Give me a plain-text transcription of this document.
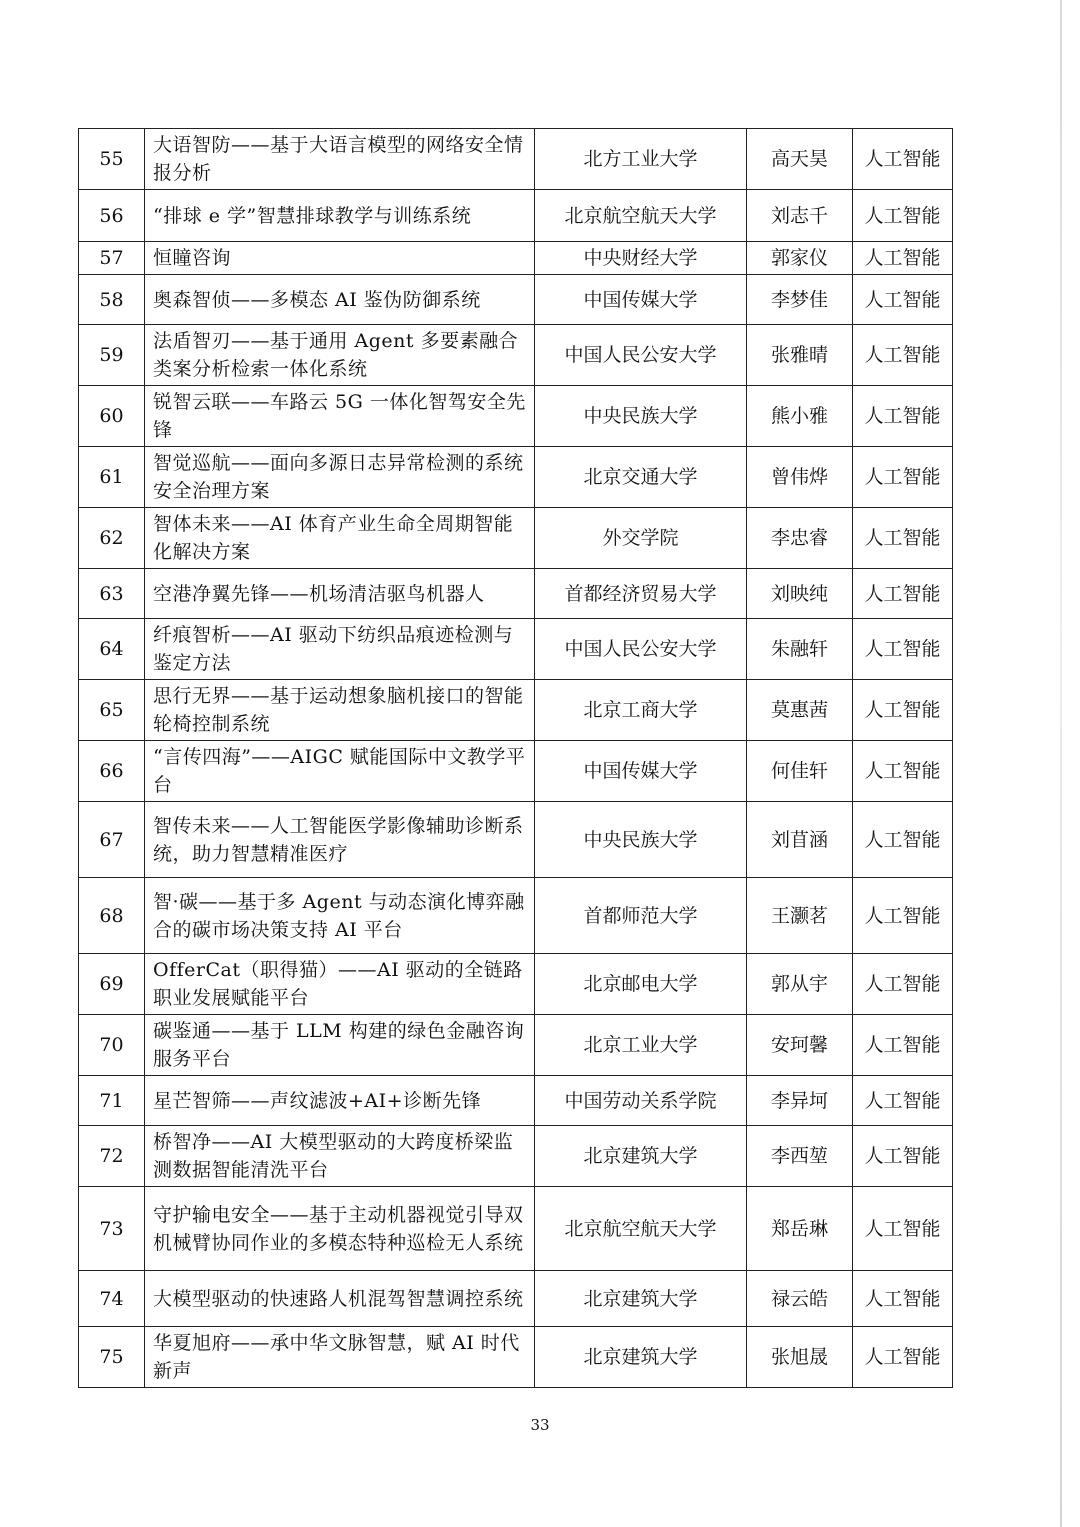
55	大语智防——基于大语言模型的网络安全情报分析	北方工业大学	高天昊	人工智能
56	“排球 e 学”智慧排球教学与训练系统	北京航空航天大学	刘志千	人工智能
57	恒瞳咨询	中央财经大学	郭家仪	人工智能
58	奥森智侦——多模态 AI 鉴伪防御系统	中国传媒大学	李梦佳	人工智能
59	法盾智刃——基于通用 Agent 多要素融合类案分析检索一体化系统	中国人民公安大学	张雅晴	人工智能
60	锐智云联——车路云 5G 一体化智驾安全先锋	中央民族大学	熊小雅	人工智能
61	智觉巡航——面向多源日志异常检测的系统安全治理方案	北京交通大学	曾伟烨	人工智能
62	智体未来——AI 体育产业生命全周期智能化解决方案	外交学院	李忠睿	人工智能
63	空港净翼先锋——机场清洁驱鸟机器人	首都经济贸易大学	刘映纯	人工智能
64	纤痕智析——AI 驱动下纺织品痕迹检测与鉴定方法	中国人民公安大学	朱融轩	人工智能
65	思行无界——基于运动想象脑机接口的智能轮椅控制系统	北京工商大学	莫惠茜	人工智能
66	“言传四海”——AIGC 赋能国际中文教学平台	中国传媒大学	何佳轩	人工智能
67	智传未来——人工智能医学影像辅助诊断系统，助力智慧精准医疗	中央民族大学	刘苜涵	人工智能
68	智·碳——基于多 Agent 与动态演化博弈融合的碳市场决策支持 AI 平台	首都师范大学	王灏茗	人工智能
69	OfferCat（职得猫）——AI 驱动的全链路职业发展赋能平台	北京邮电大学	郭从宇	人工智能
70	碳鉴通——基于 LLM 构建的绿色金融咨询服务平台	北京工业大学	安珂馨	人工智能
71	星芒智筛——声纹滤波+AI+诊断先锋	中国劳动关系学院	李异坷	人工智能
72	桥智净——AI 大模型驱动的大跨度桥梁监测数据智能清洗平台	北京建筑大学	李西堃	人工智能
73	守护输电安全——基于主动机器视觉引导双机械臂协同作业的多模态特种巡检无人系统	北京航空航天大学	郑岳琳	人工智能
74	大模型驱动的快速路人机混驾智慧调控系统	北京建筑大学	禄云皓	人工智能
75	华夏旭府——承中华文脉智慧，赋 AI 时代新声	北京建筑大学	张旭晟	人工智能
33
